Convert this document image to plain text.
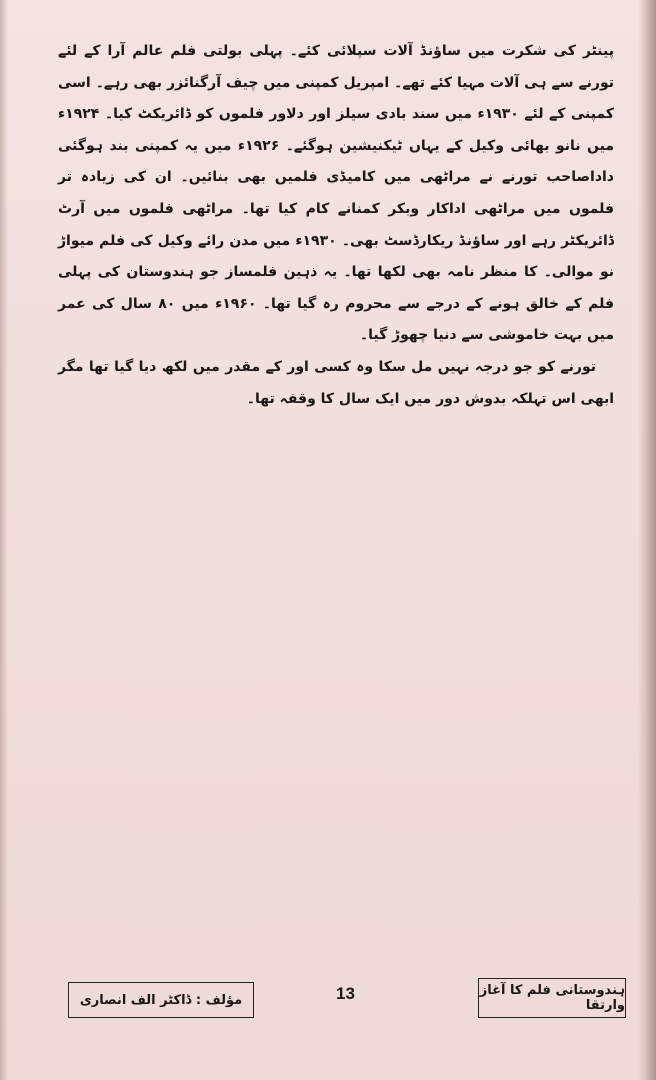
پینٹر کی شکرت میں ساؤنڈ آلات سپلائی کئے۔ پہلی بولتی فلم عالم آرا کے لئے تورنے سے ہی آلات مہیا کئے تھے۔ امپریل کمپنی میں چیف آرگنائزر بھی رہے۔ اسی کمپنی کے لئے ۱۹۳۰ء میں سند بادی سیلز اور دلاور فلموں کو ڈائریکٹ کیا۔ ۱۹۲۴ء میں نانو بھائی وکیل کے یہاں ٹیکنیشین ہوگئے۔ ۱۹۲۶ء میں یہ کمپنی بند ہوگئی داداصاحب تورنے نے مراٹھی میں کامیڈی فلمیں بھی بنائیں۔ ان کی زیادہ تر فلموں میں مراٹھی اداکار وبکر کمنانے کام کیا تھا۔ مراٹھی فلموں میں آرٹ ڈائریکٹر رہے اور ساؤنڈ ریکارڈسٹ بھی۔ ۱۹۳۰ء میں مدن رائے وکیل کی فلم میواڑ نو موالی۔ کا منظر نامہ بھی لکھا تھا۔ یہ ذہین فلمساز جو ہندوستان کی پہلی فلم کے خالق ہونے کے درجے سے محروم رہ گیا تھا۔ ۱۹۶۰ء میں ۸۰ سال کی عمر میں بہت خاموشی سے دنیا چھوڑ گیا۔

تورنے کو جو درجہ نہیں مل سکا وہ کسی اور کے مقدر میں لکھ دیا گیا تھا مگر ابھی اس تہلکہ بدوش دور میں ایک سال کا وقفہ تھا۔

مؤلف : ڈاکٹر الف انصاری	13	ہندوستانی فلم کا آغاز وارتقا
